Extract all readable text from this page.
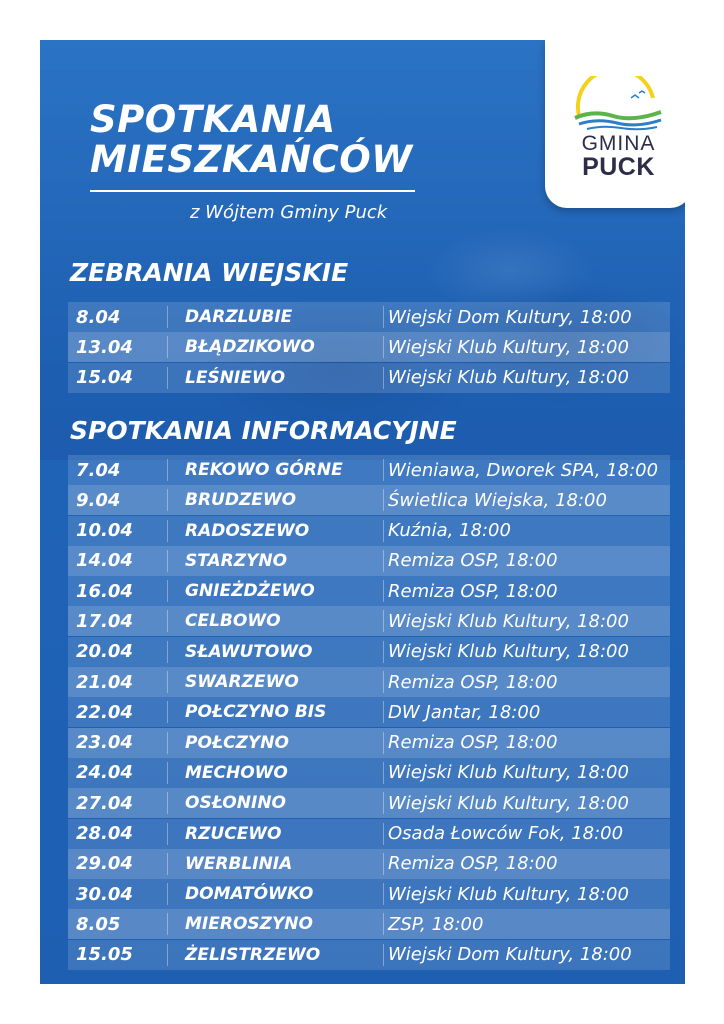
SPOTKANIA
MIESZKAŃCÓW
z Wójtem Gminy Puck
ZEBRANIA WIEJSKIE
8.04	DARZLUBIE	Wiejski Dom Kultury, 18:00
13.04	BŁĄDZIKOWO	Wiejski Klub Kultury, 18:00
15.04	LEŚNIEWO	Wiejski Klub Kultury, 18:00
SPOTKANIA INFORMACYJNE
7.04	REKOWO GÓRNE	Wieniawa, Dworek SPA, 18:00
9.04	BRUDZEWO	Świetlica Wiejska, 18:00
10.04	RADOSZEWO	Kuźnia, 18:00
14.04	STARZYNO	Remiza OSP, 18:00
16.04	GNIEŻDŻEWO	Remiza OSP, 18:00
17.04	CELBOWO	Wiejski Klub Kultury, 18:00
20.04	SŁAWUTOWO	Wiejski Klub Kultury, 18:00
21.04	SWARZEWO	Remiza OSP, 18:00
22.04	POŁCZYNO BIS	DW Jantar, 18:00
23.04	POŁCZYNO	Remiza OSP, 18:00
24.04	MECHOWO	Wiejski Klub Kultury, 18:00
27.04	OSŁONINO	Wiejski Klub Kultury, 18:00
28.04	RZUCEWO	Osada Łowców Fok, 18:00
29.04	WERBLINIA	Remiza OSP, 18:00
30.04	DOMATÓWKO	Wiejski Klub Kultury, 18:00
8.05	MIEROSZYNO	ZSP, 18:00
15.05	ŻELISTRZEWO	Wiejski Dom Kultury, 18:00
GMINA
PUCK
